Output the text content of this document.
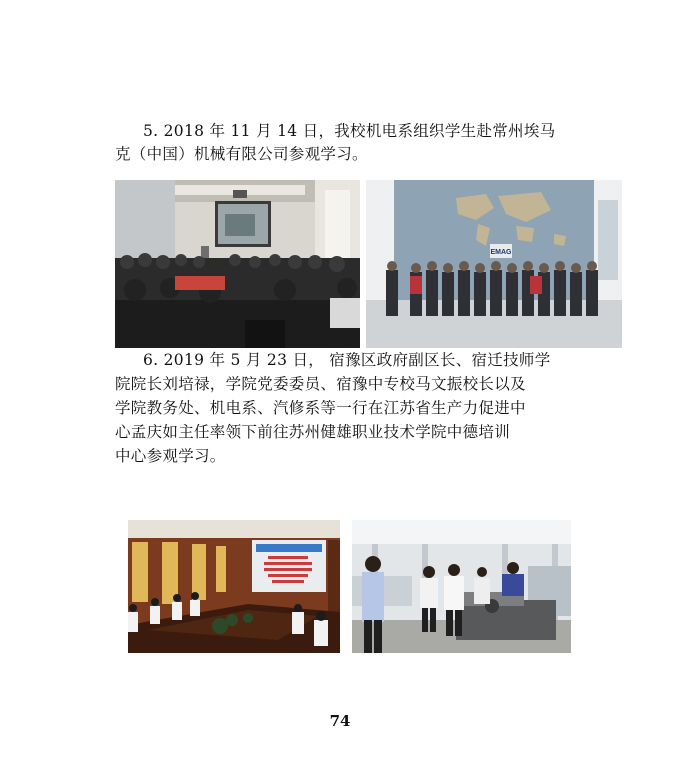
5. 2018 年 11 月 14 日，我校机电系组织学生赴常州埃马
克（中国）机械有限公司参观学习。
EMAG
6. 2019 年 5 月 23 日， 宿豫区政府副区长、宿迁技师学
院院长刘培禄，学院党委委员、宿豫中专校马文振校长以及
学院教务处、机电系、汽修系等一行在江苏省生产力促进中
心孟庆如主任率领下前往苏州健雄职业技术学院中德培训
中心参观学习。
74
